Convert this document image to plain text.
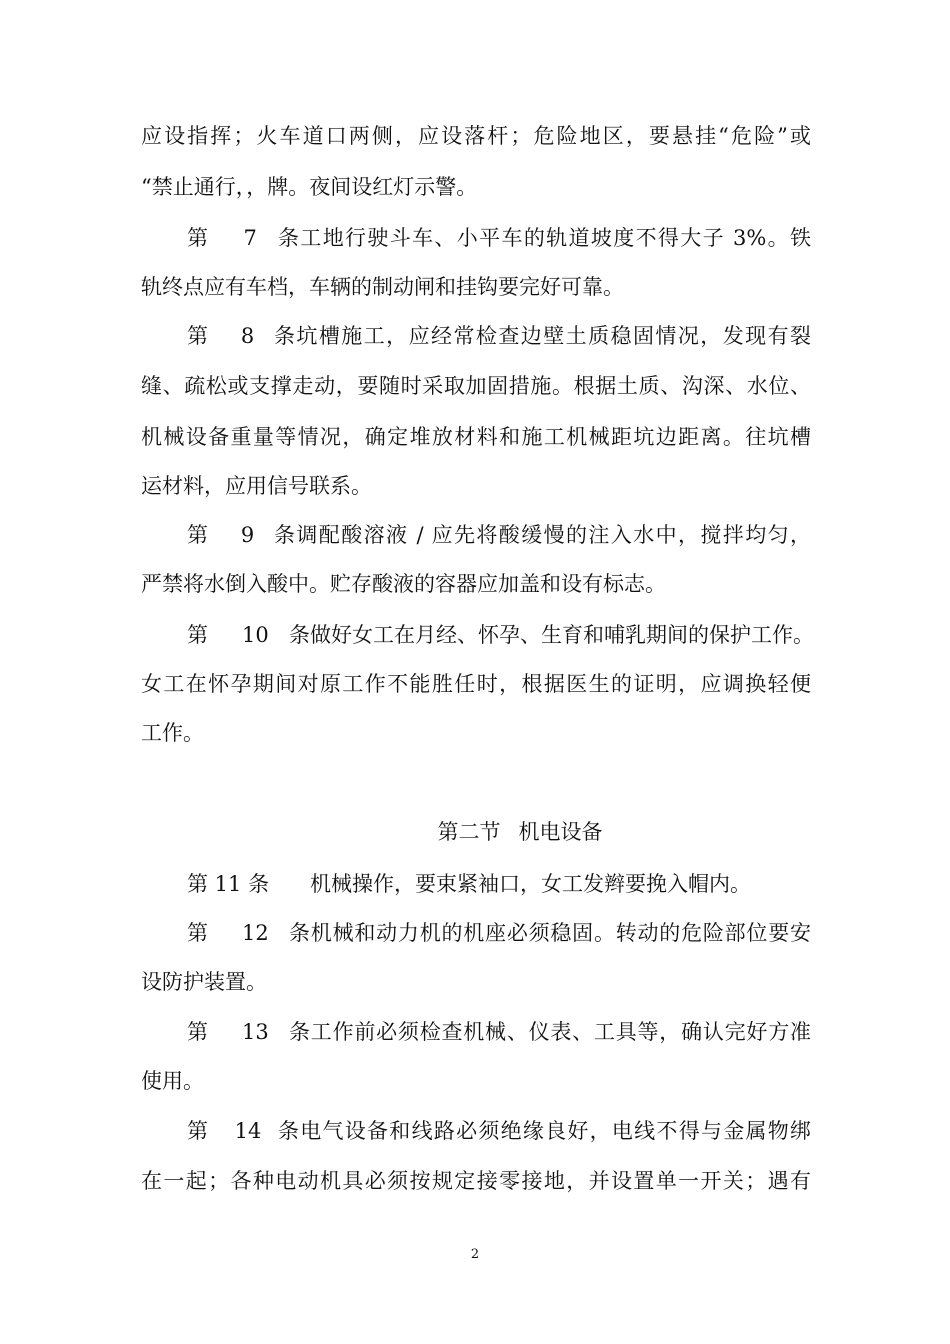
应设指挥；火车道口两侧，应设落杆；危险地区，要悬挂“危险”或
“禁止通行，，牌。夜间设红灯示警。
第 7 条工地行驶斗车、小平车的轨道坡度不得大子 3%。铁
轨终点应有车档，车辆的制动闸和挂钩要完好可靠。
第 8 条坑槽施工，应经常检查边壁土质稳固情况，发现有裂
缝、疏松或支撑走动，要随时采取加固措施。根据土质、沟深、水位、
机械设备重量等情况，确定堆放材料和施工机械距坑边距离。往坑槽
运材料，应用信号联系。
第 9 条调配酸溶液 / 应先将酸缓慢的注入水中，搅拌均匀，
严禁将水倒入酸中。贮存酸液的容器应加盖和设有标志。
第 10 条做好女工在月经、怀孕、生育和哺乳期间的保护工作。
女工在怀孕期间对原工作不能胜任时，根据医生的证明，应调换轻便
工作。
第二节 机电设备
第 11 条 机械操作，要束紧袖口，女工发辫要挽入帽内。
第 12 条机械和动力机的机座必须稳固。转动的危险部位要安
设防护装置。
第 13 条工作前必须检查机械、仪表、工具等，确认完好方准
使用。
第 14 条电气设备和线路必须绝缘良好，电线不得与金属物绑
在一起；各种电动机具必须按规定接零接地，并设置单一开关；遇有
2
